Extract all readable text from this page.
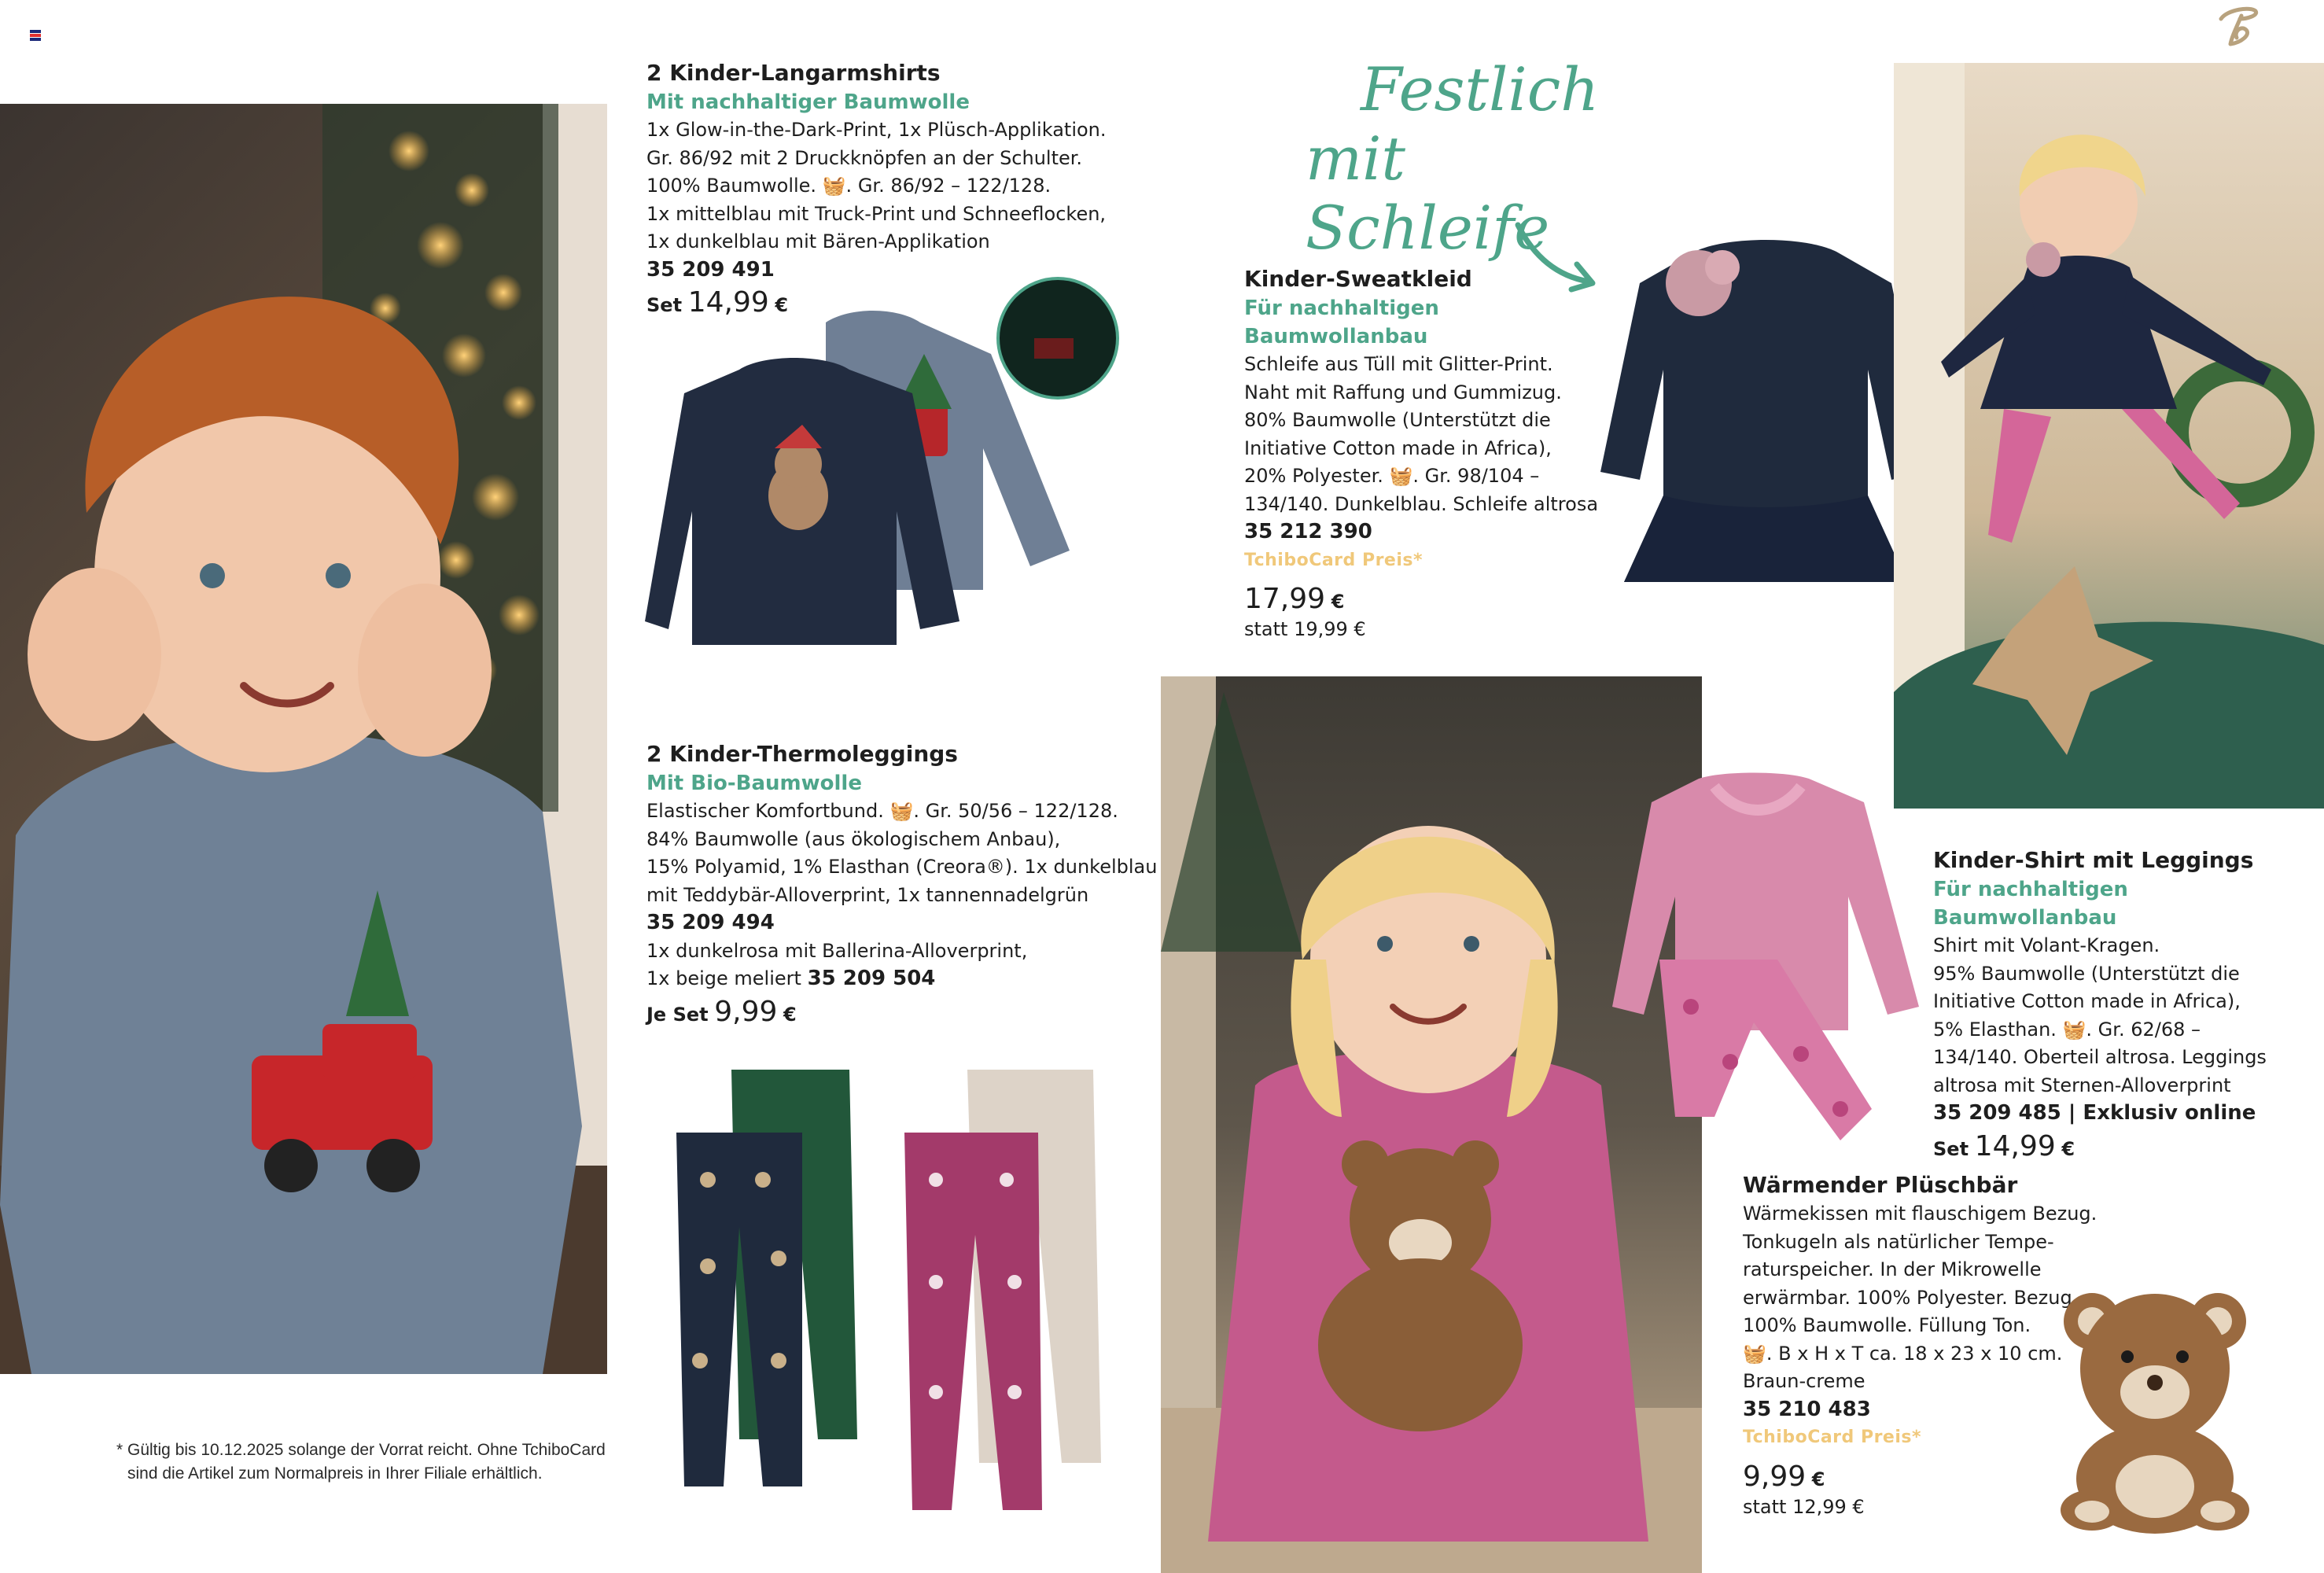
2 Kinder-Langarmshirts
Mit nachhaltiger Baumwolle
1x Glow-in-the-Dark-Print, 1x Plüsch-Applikation.
Gr. 86/92 mit 2 Druckknöpfen an der Schulter.
100% Baumwolle. 🧺. Gr. 86/92 – 122/128.
1x mittelblau mit Truck-Print und Schneeflocken,
1x dunkelblau mit Bären-Applikation
35 209 491
Set 14,99 €
Festlich
mit Schleife
Kinder-Sweatkleid
Für nachhaltigen
Baumwollanbau
Schleife aus Tüll mit Glitter-Print.
Naht mit Raffung und Gummizug.
80% Baumwolle (Unterstützt die
Initiative Cotton made in Africa),
20% Polyester. 🧺. Gr. 98/104 –
134/140. Dunkelblau. Schleife altrosa
35 212 390
TchiboCard Preis*
17,99 €
statt 19,99 €
2 Kinder-Thermoleggings
Mit Bio-Baumwolle
Elastischer Komfortbund. 🧺. Gr. 50/56 – 122/128.
84% Baumwolle (aus ökologischem Anbau),
15% Polyamid, 1% Elasthan (Creora®). 1x dunkelblau
mit Teddybär-Alloverprint, 1x tannennadelgrün
35 209 494
1x dunkelrosa mit Ballerina-Alloverprint,
1x beige meliert 35 209 504
Je Set 9,99 €
Kinder-Shirt mit Leggings
Für nachhaltigen Baumwollanbau
Shirt mit Volant-Kragen.
95% Baumwolle (Unterstützt die
Initiative Cotton made in Africa),
5% Elasthan. 🧺. Gr. 62/68 –
134/140. Oberteil altrosa. Leggings
altrosa mit Sternen-Alloverprint
35 209 485 | Exklusiv online
Set 14,99 €
Wärmender Plüschbär
Wärmekissen mit flauschigem Bezug.
Tonkugeln als natürlicher Tempe-
raturspeicher. In der Mikrowelle
erwärmbar. 100% Polyester. Bezug
100% Baumwolle. Füllung Ton.
🧺. B x H x T ca. 18 x 23 x 10 cm.
Braun-creme
35 210 483
TchiboCard Preis*
9,99 €
statt 12,99 €
* Gültig bis 10.12.2025 solange der Vorrat reicht. Ohne TchiboCard
sind die Artikel zum Normalpreis in Ihrer Filiale erhältlich.
